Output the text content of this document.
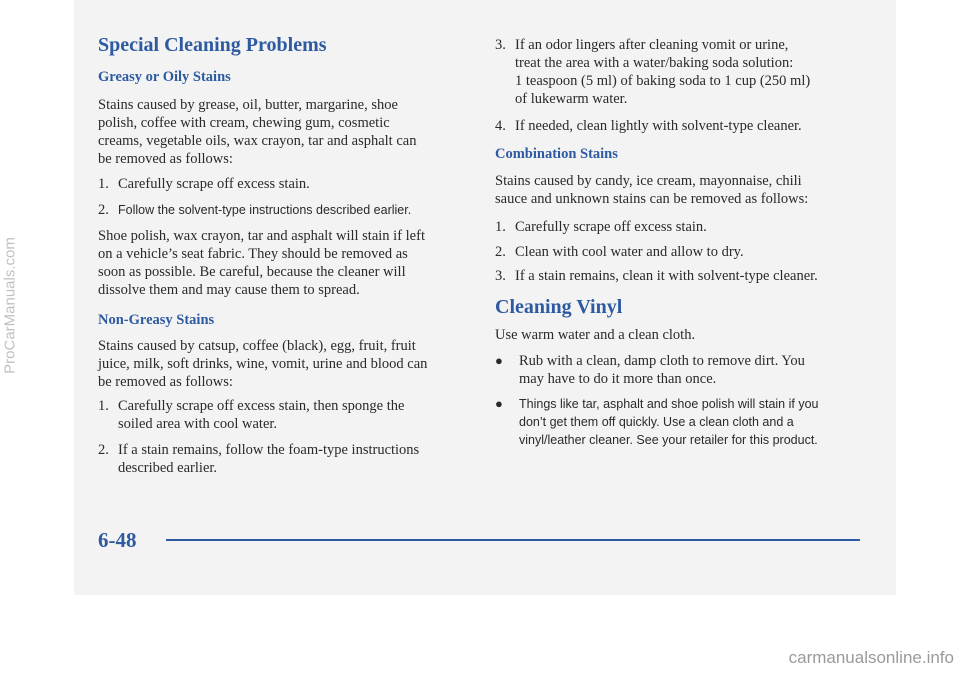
Special Cleaning Problems
Greasy or Oily Stains

Stains caused by grease, oil, butter, margarine, shoe
polish, coffee with cream, chewing gum, cosmetic
creams, vegetable oils, wax crayon, tar and asphalt can
be removed as follows:

1. Carefully scrape off excess stain.
2. Follow the solvent-type instructions described earlier.

Shoe polish, wax crayon, tar and asphalt will stain if left
on a vehicle’s seat fabric. They should be removed as
soon as possible. Be careful, because the cleaner will
dissolve them and may cause them to spread.

Non-Greasy Stains

Stains caused by catsup, coffee (black), egg, fruit, fruit
juice, milk, soft drinks, wine, vomit, urine and blood can
be removed as follows:

1. Carefully scrape off excess stain, then sponge the
soiled area with cool water.
2. If a stain remains, follow the foam-type instructions
described earlier.
3. If an odor lingers after cleaning vomit or urine,
treat the area with a water/baking soda solution:
1 teaspoon (5 ml) of baking soda to 1 cup (250 ml)
of lukewarm water.
4. If needed, clean lightly with solvent-type cleaner.
Combination Stains

Stains caused by candy, ice cream, mayonnaise, chili
sauce and unknown stains can be removed as follows:

1. Carefully scrape off excess stain.
2. Clean with cool water and allow to dry.
3. If a stain remains, clean it with solvent-type cleaner.
Cleaning Vinyl

Use warm water and a clean cloth.

● Rub with a clean, damp cloth to remove dirt. You
may have to do it more than once.
● Things like tar, asphalt and shoe polish will stain if you
don’t get them off quickly. Use a clean cloth and a
vinyl/leather cleaner. See your retailer for this product.
6-48
ProCarManuals.com
carmanualsonline.info
